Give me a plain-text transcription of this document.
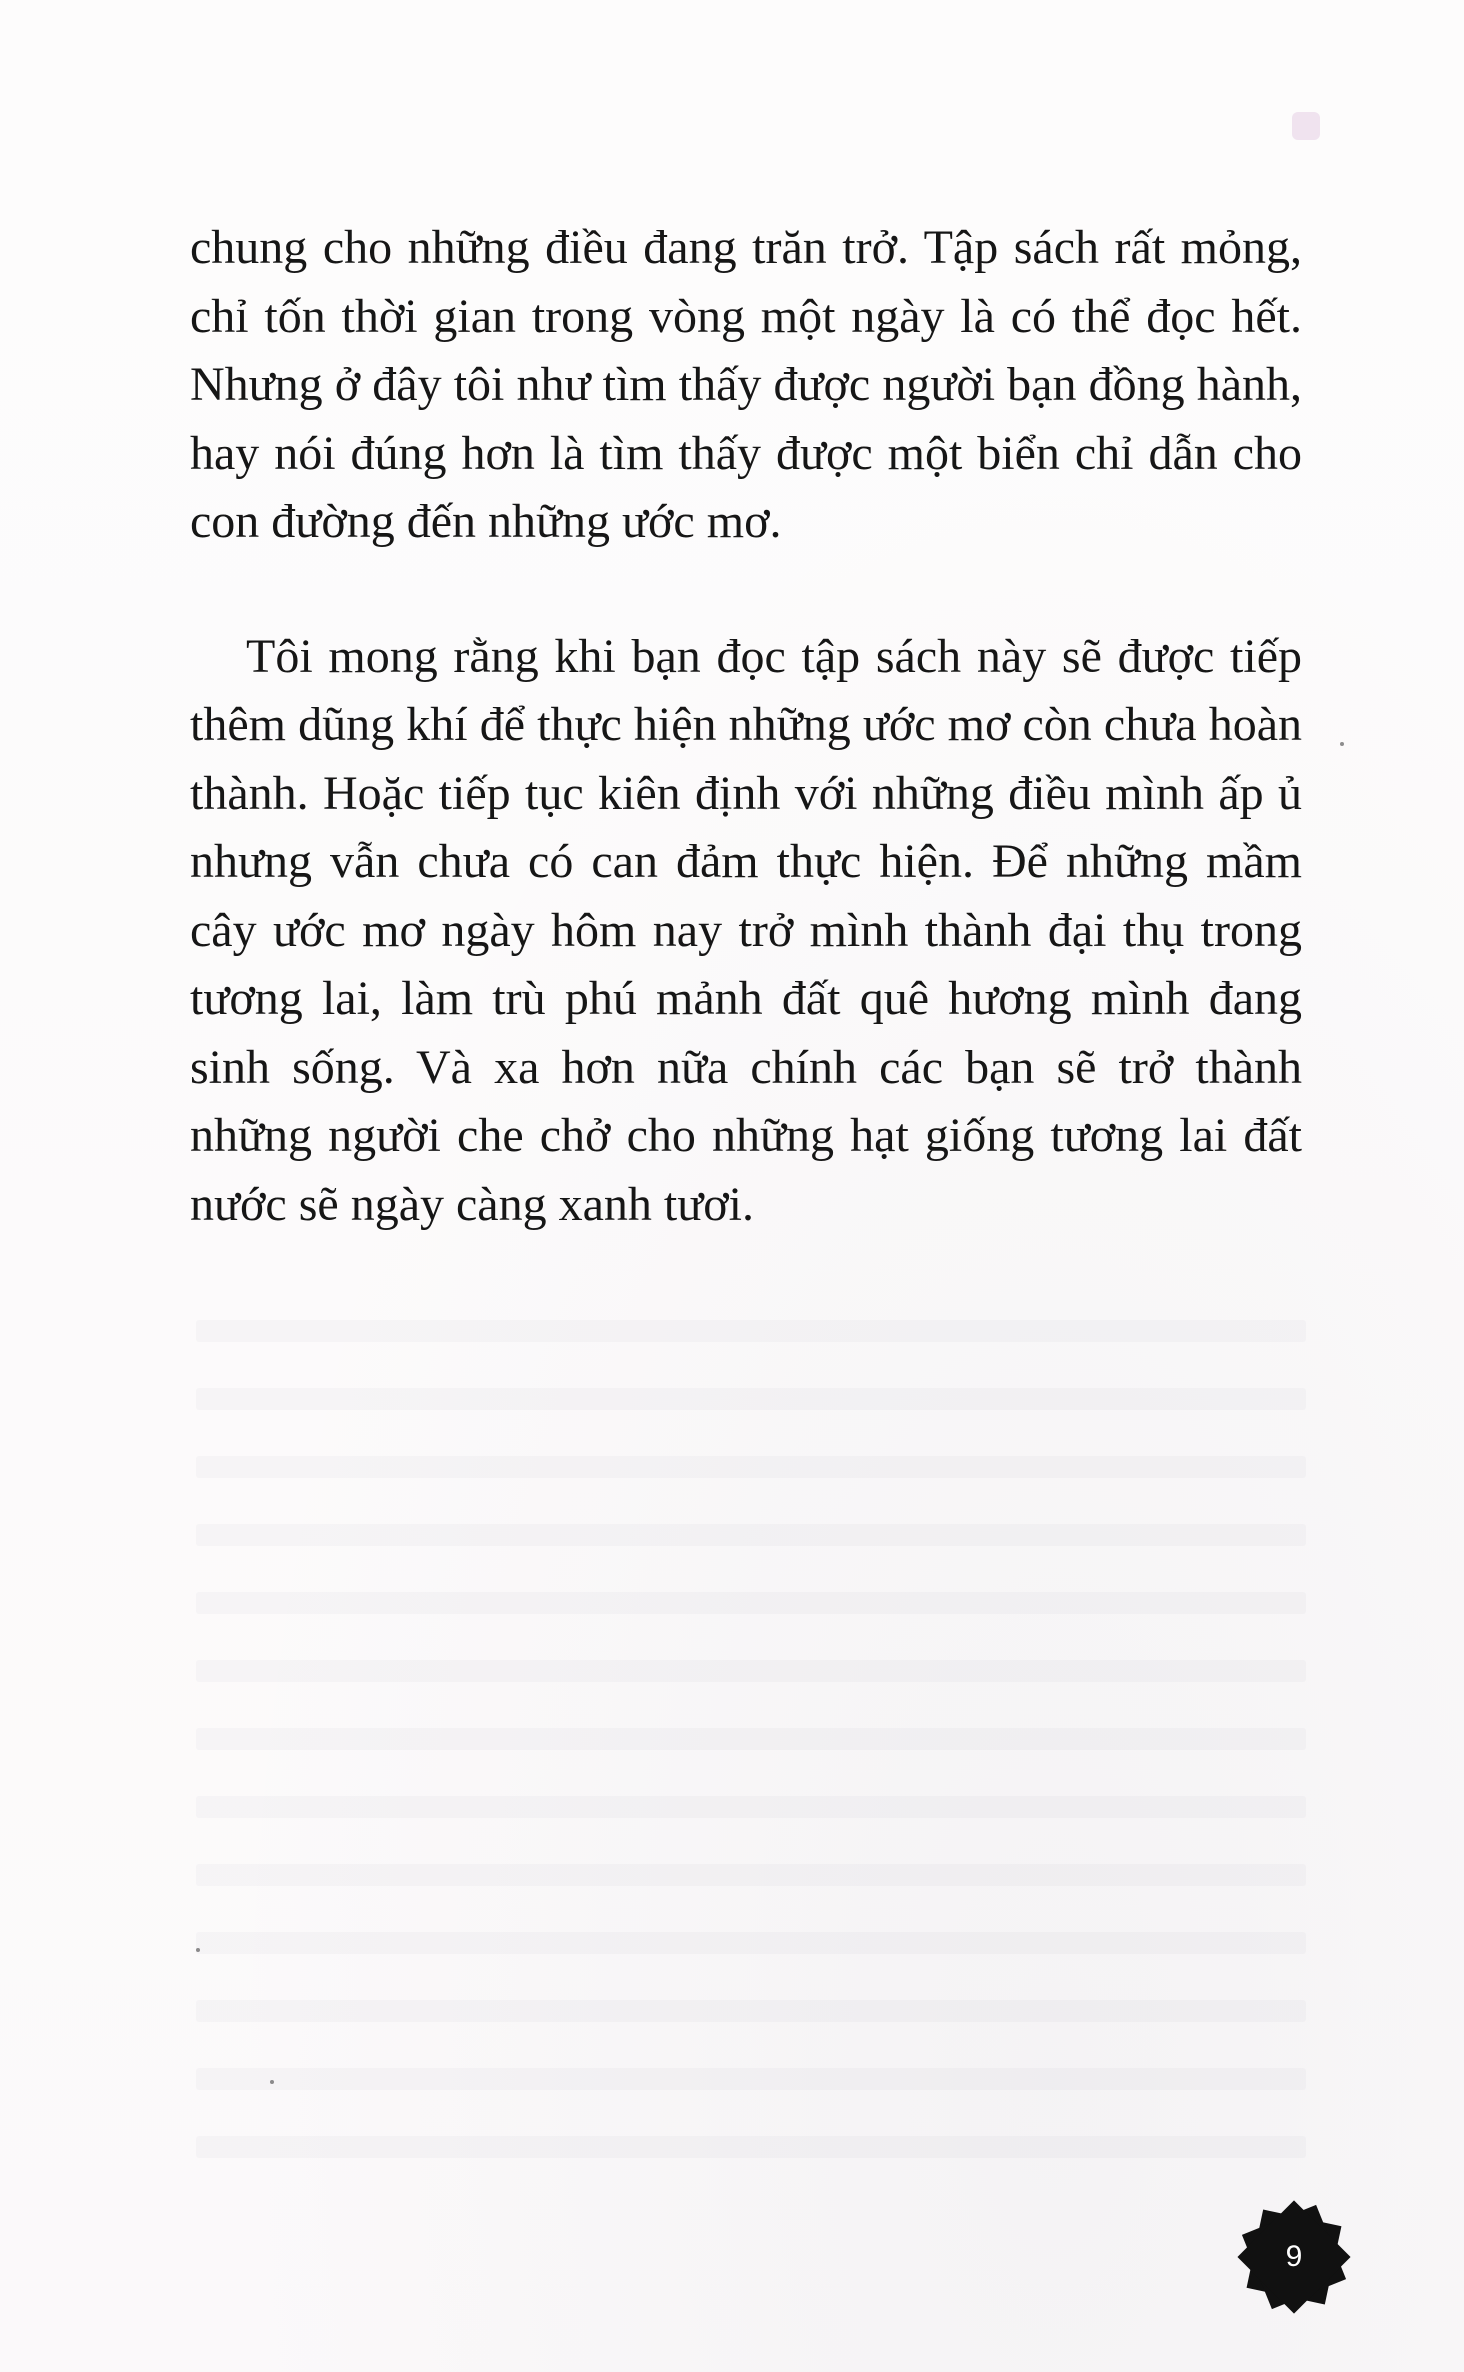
chung cho những điều đang trăn trở. Tập sách rất mỏng, chỉ tốn thời gian trong vòng một ngày là có thể đọc hết. Nhưng ở đây tôi như tìm thấy được người bạn đồng hành, hay nói đúng hơn là tìm thấy được một biển chỉ dẫn cho con đường đến những ước mơ.

Tôi mong rằng khi bạn đọc tập sách này sẽ được tiếp thêm dũng khí để thực hiện những ước mơ còn chưa hoàn thành. Hoặc tiếp tục kiên định với những điều mình ấp ủ nhưng vẫn chưa có can đảm thực hiện. Để những mầm cây ước mơ ngày hôm nay trở mình thành đại thụ trong tương lai, làm trù phú mảnh đất quê hương mình đang sinh sống. Và xa hơn nữa chính các bạn sẽ trở thành những người che chở cho những hạt giống tương lai đất nước sẽ ngày càng xanh tươi.

9
